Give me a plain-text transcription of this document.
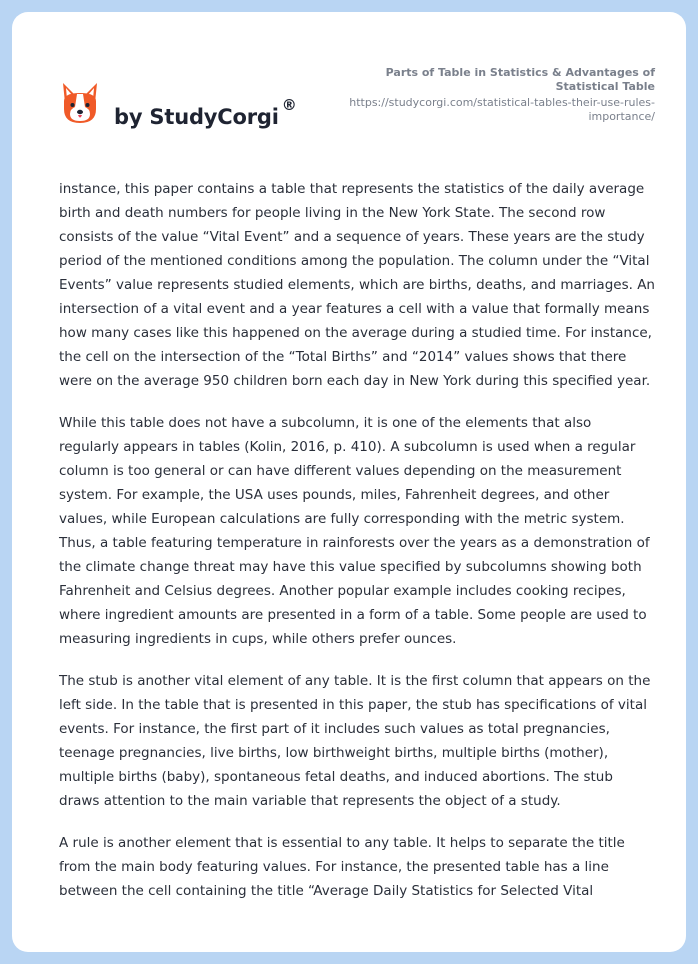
by StudyCorgi ®
Parts of Table in Statistics & Advantages of Statistical Table
https://studycorgi.com/statistical-tables-their-use-rules-importance/

instance, this paper contains a table that represents the statistics of the daily average birth and death numbers for people living in the New York State. The second row consists of the value “Vital Event” and a sequence of years. These years are the study period of the mentioned conditions among the population. The column under the “Vital Events” value represents studied elements, which are births, deaths, and marriages. An intersection of a vital event and a year features a cell with a value that formally means how many cases like this happened on the average during a studied time. For instance, the cell on the intersection of the “Total Births” and “2014” values shows that there were on the average 950 children born each day in New York during this specified year.

While this table does not have a subcolumn, it is one of the elements that also regularly appears in tables (Kolin, 2016, p. 410). A subcolumn is used when a regular column is too general or can have different values depending on the measurement system. For example, the USA uses pounds, miles, Fahrenheit degrees, and other values, while European calculations are fully corresponding with the metric system. Thus, a table featuring temperature in rainforests over the years as a demonstration of the climate change threat may have this value specified by subcolumns showing both Fahrenheit and Celsius degrees. Another popular example includes cooking recipes, where ingredient amounts are presented in a form of a table. Some people are used to measuring ingredients in cups, while others prefer ounces.

The stub is another vital element of any table. It is the first column that appears on the left side. In the table that is presented in this paper, the stub has specifications of vital events. For instance, the first part of it includes such values as total pregnancies, teenage pregnancies, live births, low birthweight births, multiple births (mother), multiple births (baby), spontaneous fetal deaths, and induced abortions. The stub draws attention to the main variable that represents the object of a study.

A rule is another element that is essential to any table. It helps to separate the title from the main body featuring values. For instance, the presented table has a line between the cell containing the title “Average Daily Statistics for Selected Vital
